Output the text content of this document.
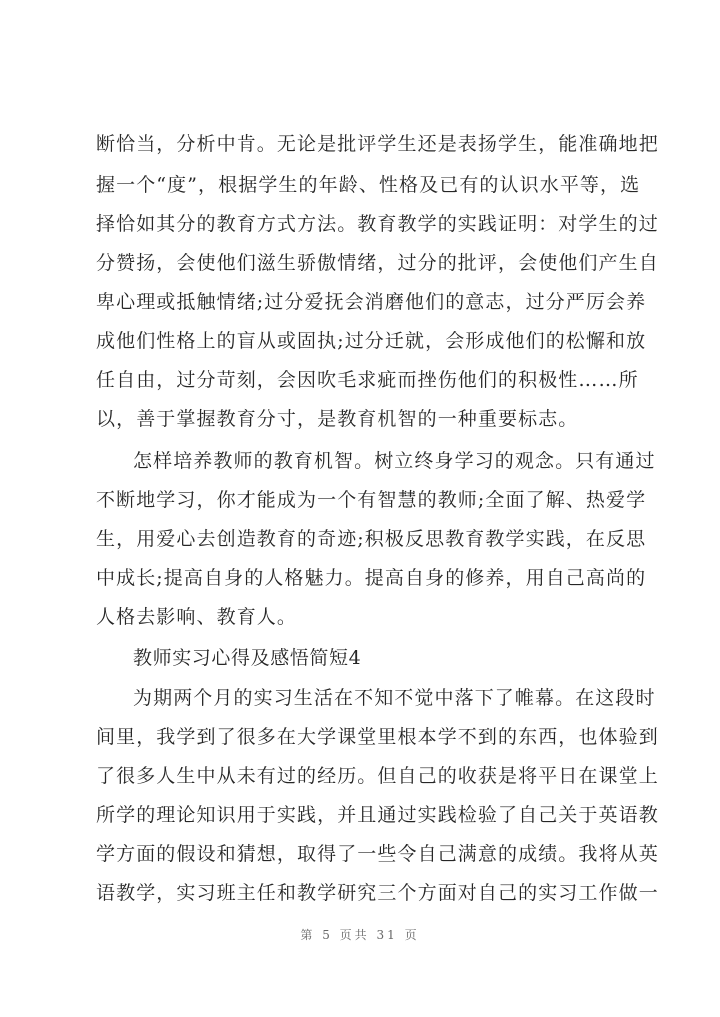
断恰当，分析中肯。无论是批评学生还是表扬学生，能准确地把
握一个“度”，根据学生的年龄、性格及已有的认识水平等，选
择恰如其分的教育方式方法。教育教学的实践证明：对学生的过
分赞扬，会使他们滋生骄傲情绪，过分的批评，会使他们产生自
卑心理或抵触情绪;过分爱抚会消磨他们的意志，过分严厉会养
成他们性格上的盲从或固执;过分迁就，会形成他们的松懈和放
任自由，过分苛刻，会因吹毛求疵而挫伤他们的积极性……所
以，善于掌握教育分寸，是教育机智的一种重要标志。
怎样培养教师的教育机智。树立终身学习的观念。只有通过
不断地学习，你才能成为一个有智慧的教师;全面了解、热爱学
生，用爱心去创造教育的奇迹;积极反思教育教学实践，在反思
中成长;提高自身的人格魅力。提高自身的修养，用自己高尚的
人格去影响、教育人。
教师实习心得及感悟简短4
为期两个月的实习生活在不知不觉中落下了帷幕。在这段时
间里，我学到了很多在大学课堂里根本学不到的东西，也体验到
了很多人生中从未有过的经历。但自己的收获是将平日在课堂上
所学的理论知识用于实践，并且通过实践检验了自己关于英语教
学方面的假设和猜想，取得了一些令自己满意的成绩。我将从英
语教学，实习班主任和教学研究三个方面对自己的实习工作做一
第 5 页共 31 页
